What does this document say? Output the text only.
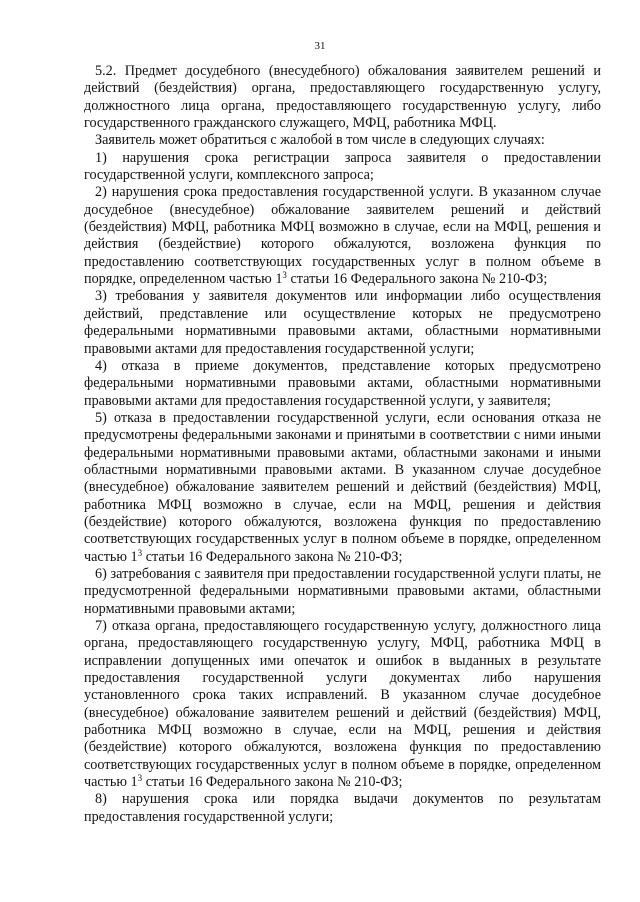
31

5.2. Предмет досудебного (внесудебного) обжалования заявителем решений и действий (бездействия) органа, предоставляющего государственную услугу, должностного лица органа, предоставляющего государственную услугу, либо государственного гражданского служащего, МФЦ, работника МФЦ.

Заявитель может обратиться с жалобой в том числе в следующих случаях:

1) нарушения срока регистрации запроса заявителя о предоставлении государственной услуги, комплексного запроса;

2) нарушения срока предоставления государственной услуги. В указанном случае досудебное (внесудебное) обжалование заявителем решений и действий (бездействия) МФЦ, работника МФЦ возможно в случае, если на МФЦ, решения и действия (бездействие) которого обжалуются, возложена функция по предоставлению соответствующих государственных услуг в полном объеме в порядке, определенном частью $1^3$ статьи 16 Федерального закона № 210-ФЗ;

3) требования у заявителя документов или информации либо осуществления действий, представление или осуществление которых не предусмотрено федеральными нормативными правовыми актами, областными нормативными правовыми актами для предоставления государственной услуги;

4) отказа в приеме документов, представление которых предусмотрено федеральными нормативными правовыми актами, областными нормативными правовыми актами для предоставления государственной услуги, у заявителя;

5) отказа в предоставлении государственной услуги, если основания отказа не предусмотрены федеральными законами и принятыми в соответствии с ними иными федеральными нормативными правовыми актами, областными законами и иными областными нормативными правовыми актами. В указанном случае досудебное (внесудебное) обжалование заявителем решений и действий (бездействия) МФЦ, работника МФЦ возможно в случае, если на МФЦ, решения и действия (бездействие) которого обжалуются, возложена функция по предоставлению соответствующих государственных услуг в полном объеме в порядке, определенном частью $1^3$ статьи 16 Федерального закона № 210-ФЗ;

6) затребования с заявителя при предоставлении государственной услуги платы, не предусмотренной федеральными нормативными правовыми актами, областными нормативными правовыми актами;

7) отказа органа, предоставляющего государственную услугу, должностного лица органа, предоставляющего государственную услугу, МФЦ, работника МФЦ в исправлении допущенных ими опечаток и ошибок в выданных в результате предоставления государственной услуги документах либо нарушения установленного срока таких исправлений. В указанном случае досудебное (внесудебное) обжалование заявителем решений и действий (бездействия) МФЦ, работника МФЦ возможно в случае, если на МФЦ, решения и действия (бездействие) которого обжалуются, возложена функция по предоставлению соответствующих государственных услуг в полном объеме в порядке, определенном частью $1^3$ статьи 16 Федерального закона № 210-ФЗ;

8) нарушения срока или порядка выдачи документов по результатам предоставления государственной услуги;
